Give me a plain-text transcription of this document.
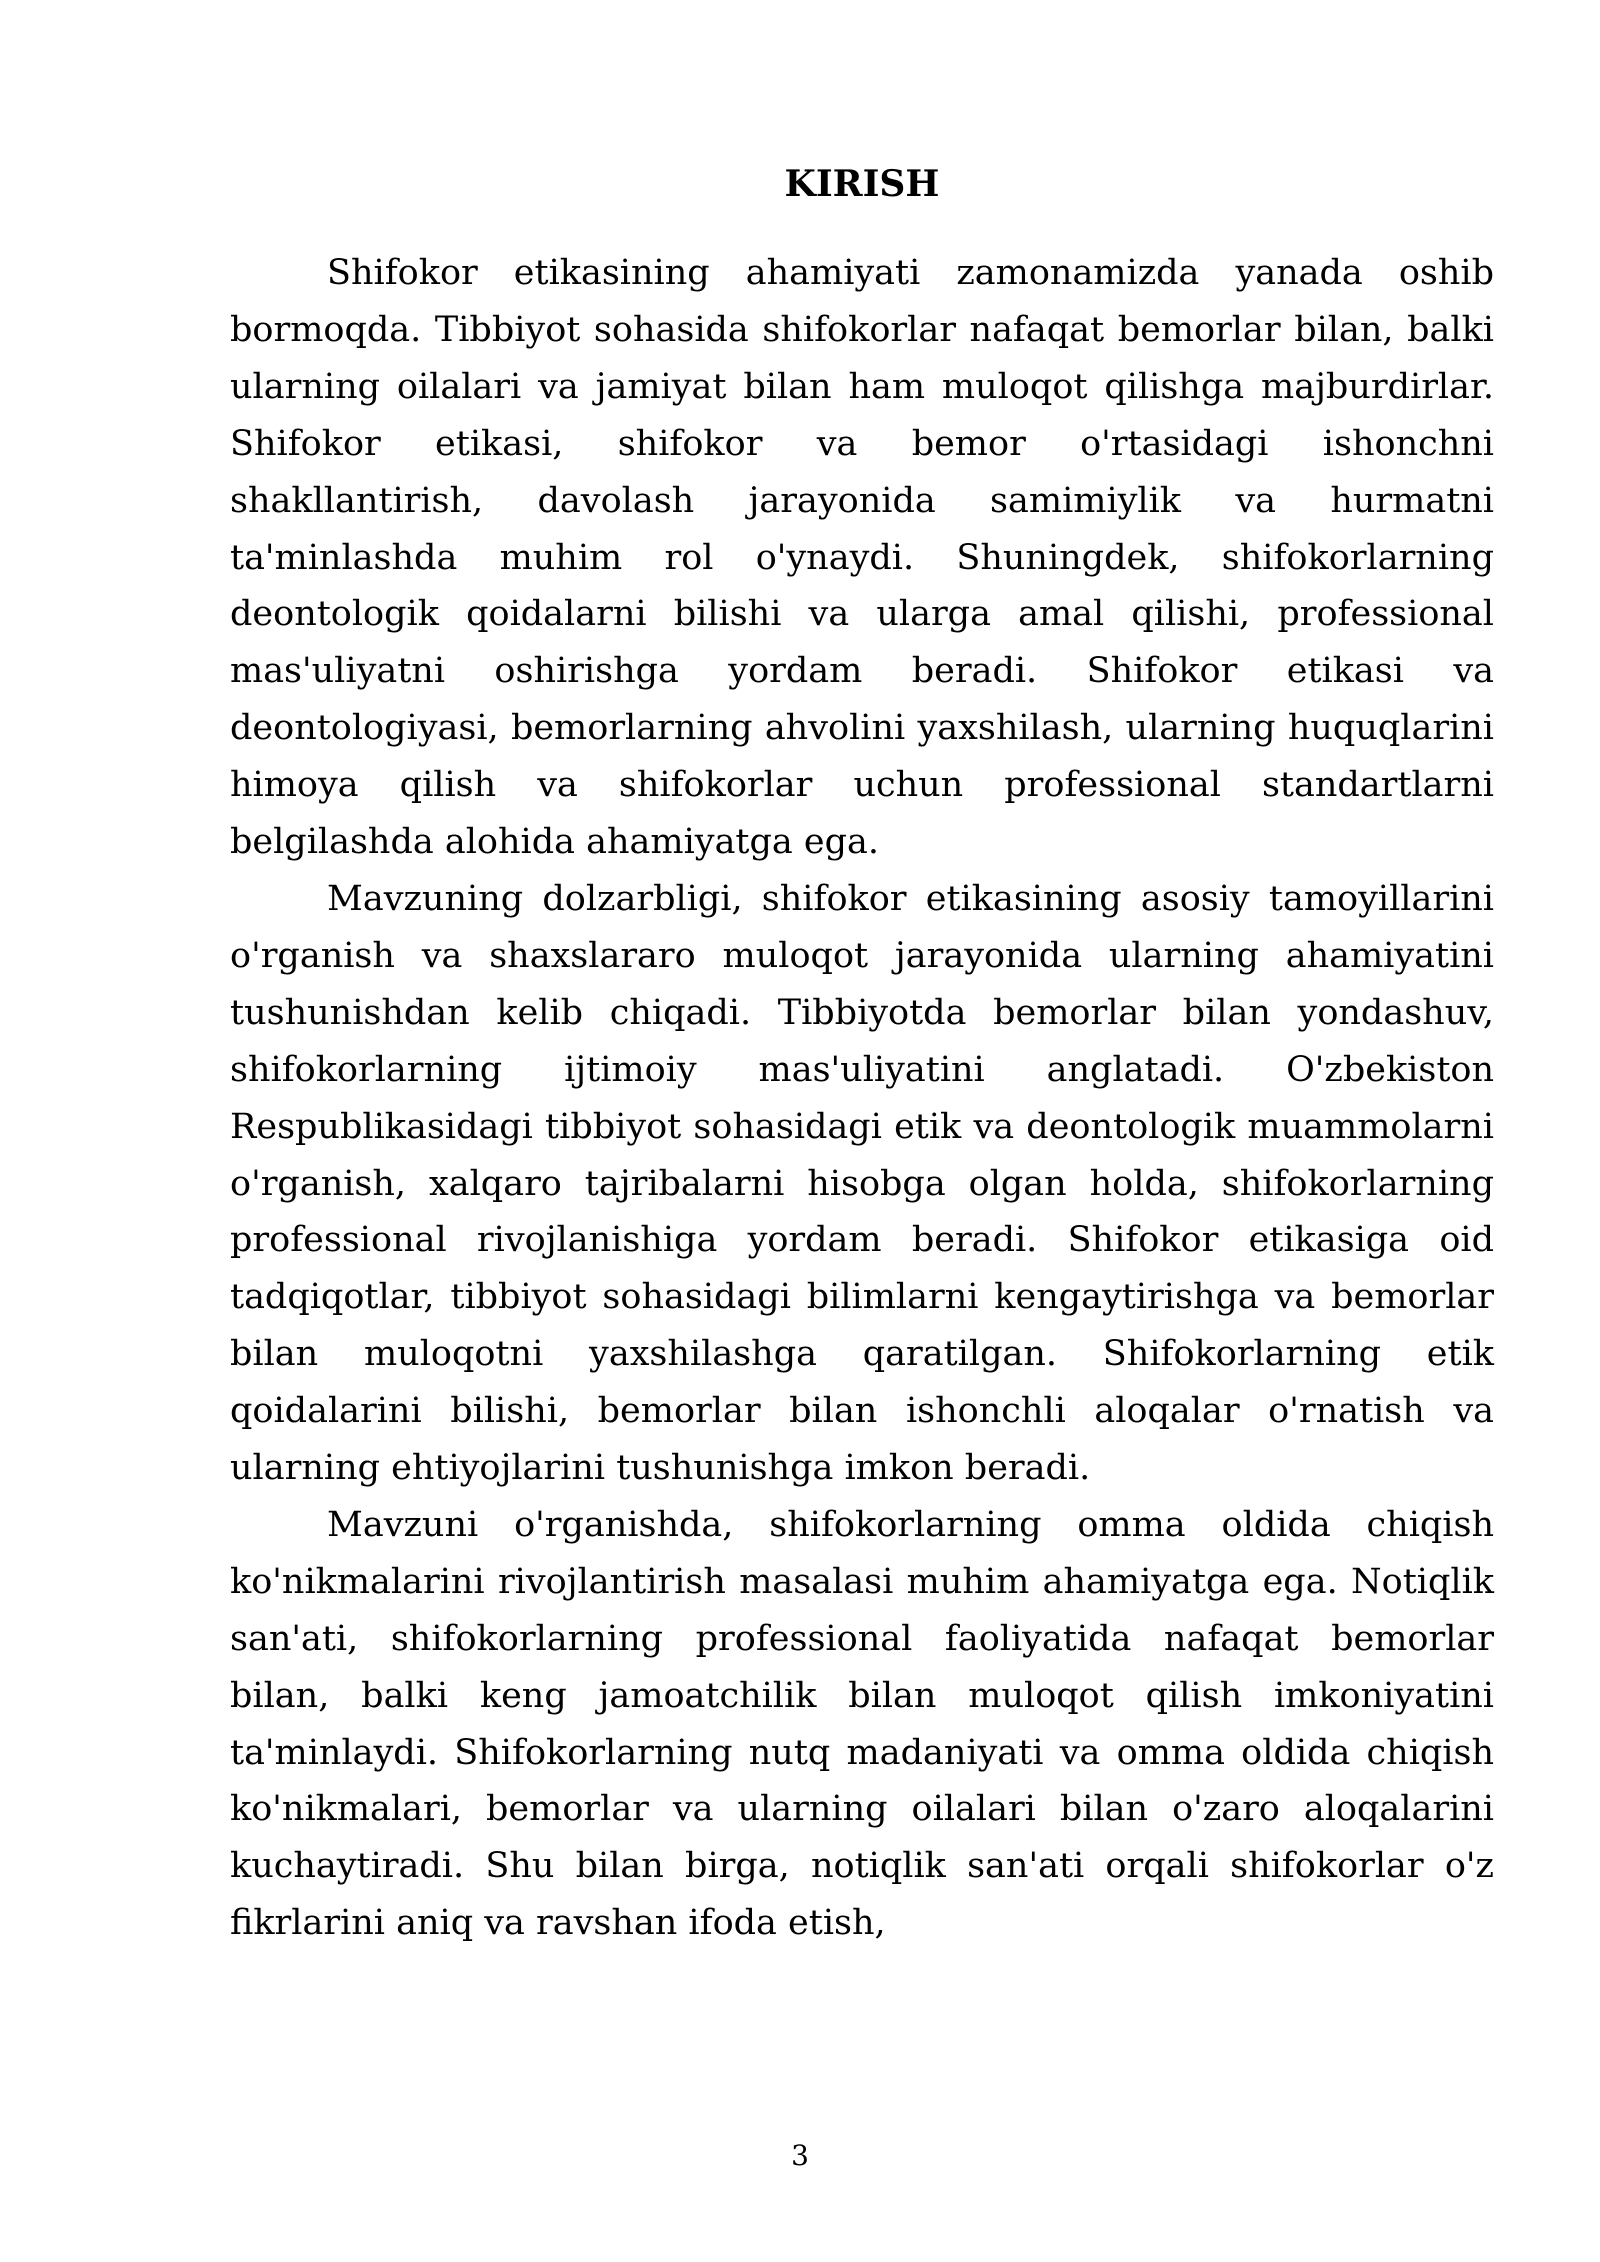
KIRISH

Shifokor etikasining ahamiyati zamonamizda yanada oshib bormoqda. Tibbiyot sohasida shifokorlar nafaqat bemorlar bilan, balki ularning oilalari va jamiyat bilan ham muloqot qilishga majburdirlar. Shifokor etikasi, shifokor va bemor o'rtasidagi ishonchni shakllantirish, davolash jarayonida samimiylik va hurmatni ta'minlashda muhim rol o'ynaydi. Shuningdek, shifokorlarning deontologik qoidalarni bilishi va ularga amal qilishi, professional mas'uliyatni oshirishga yordam beradi. Shifokor etikasi va deontologiyasi, bemorlarning ahvolini yaxshilash, ularning huquqlarini himoya qilish va shifokorlar uchun professional standartlarni belgilashda alohida ahamiyatga ega.

Mavzuning dolzarbligi, shifokor etikasining asosiy tamoyillarini o'rganish va shaxslararo muloqot jarayonida ularning ahamiyatini tushunishdan kelib chiqadi. Tibbiyotda bemorlar bilan yondashuv, shifokorlarning ijtimoiy mas'uliyatini anglatadi. O'zbekiston Respublikasidagi tibbiyot sohasidagi etik va deontologik muammolarni o'rganish, xalqaro tajribalarni hisobga olgan holda, shifokorlarning professional rivojlanishiga yordam beradi. Shifokor etikasiga oid tadqiqotlar, tibbiyot sohasidagi bilimlarni kengaytirishga va bemorlar bilan muloqotni yaxshilashga qaratilgan. Shifokorlarning etik qoidalarini bilishi, bemorlar bilan ishonchli aloqalar o'rnatish va ularning ehtiyojlarini tushunishga imkon beradi.

Mavzuni o'rganishda, shifokorlarning omma oldida chiqish ko'nikmalarini rivojlantirish masalasi muhim ahamiyatga ega. Notiqlik san'ati, shifokorlarning professional faoliyatida nafaqat bemorlar bilan, balki keng jamoatchilik bilan muloqot qilish imkoniyatini ta'minlaydi. Shifokorlarning nutq madaniyati va omma oldida chiqish ko'nikmalari, bemorlar va ularning oilalari bilan o'zaro aloqalarini kuchaytiradi. Shu bilan birga, notiqlik san'ati orqali shifokorlar o'z fikrlarini aniq va ravshan ifoda etish,

3
